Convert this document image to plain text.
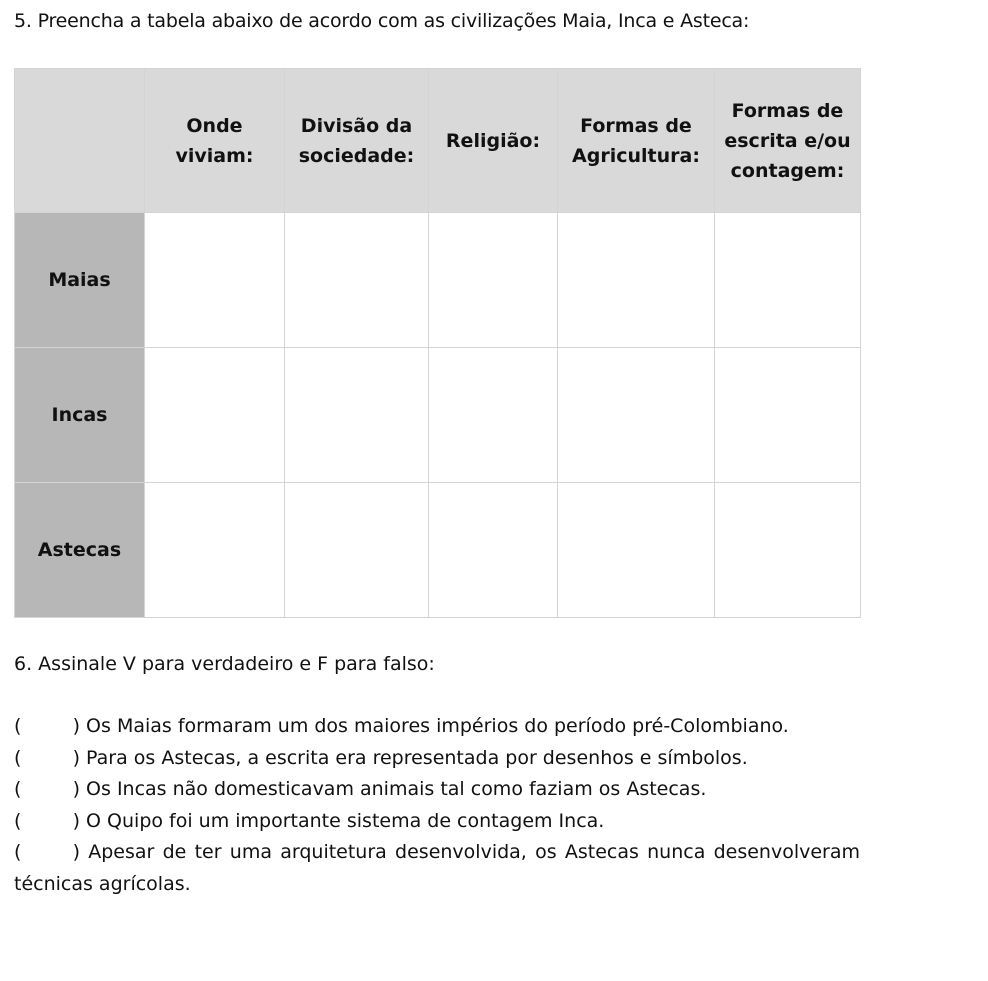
5. Preencha a tabela abaixo de acordo com as civilizações Maia, Inca e Asteca:
	Onde viviam:	Divisão da sociedade:	Religião:	Formas de Agricultura:	Formas de escrita e/ou contagem:
Maias					
Incas					
Astecas					
6. Assinale V para verdadeiro e F para falso:
(	) Os Maias formaram um dos maiores impérios do período pré-Colombiano.
(	) Para os Astecas, a escrita era representada por desenhos e símbolos.
(	) Os Incas não domesticavam animais tal como faziam os Astecas.
(	) O Quipo foi um importante sistema de contagem Inca.
(	) Apesar de ter uma arquitetura desenvolvida, os Astecas nunca desenvolveram técnicas agrícolas.
